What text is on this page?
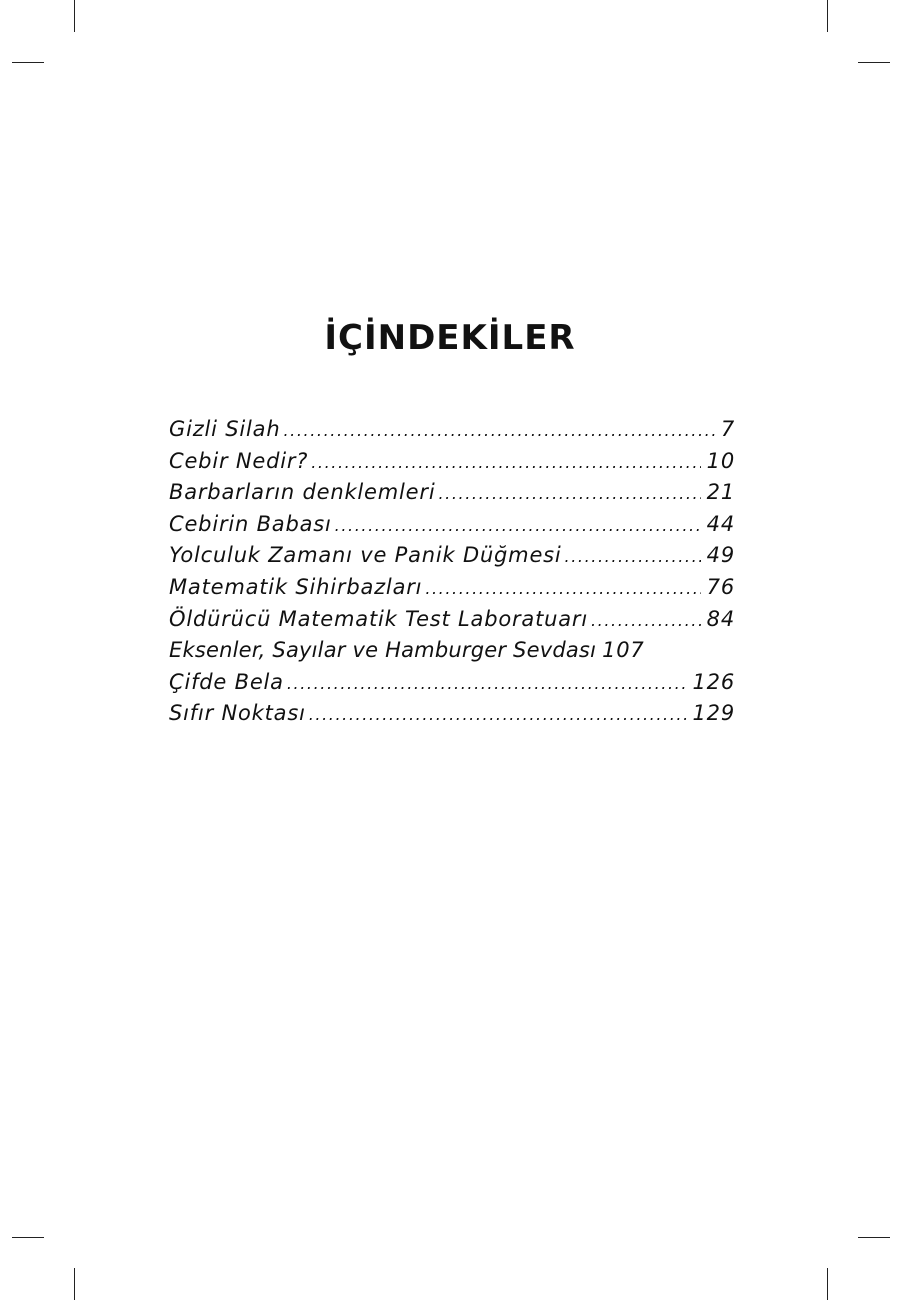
İÇİNDEKİLER
Gizli Silah .....	7
Cebir Nedir? .....	10
Barbarların denklemleri .....	21
Cebirin Babası .....	44
Yolculuk Zamanı ve Panik Düğmesi .....	49
Matematik Sihirbazları .....	76
Öldürücü Matematik Test Laboratuarı .....	84
Eksenler, Sayılar ve Hamburger Sevdası 107
Çifde Bela .....	126
Sıfır Noktası .....	129
